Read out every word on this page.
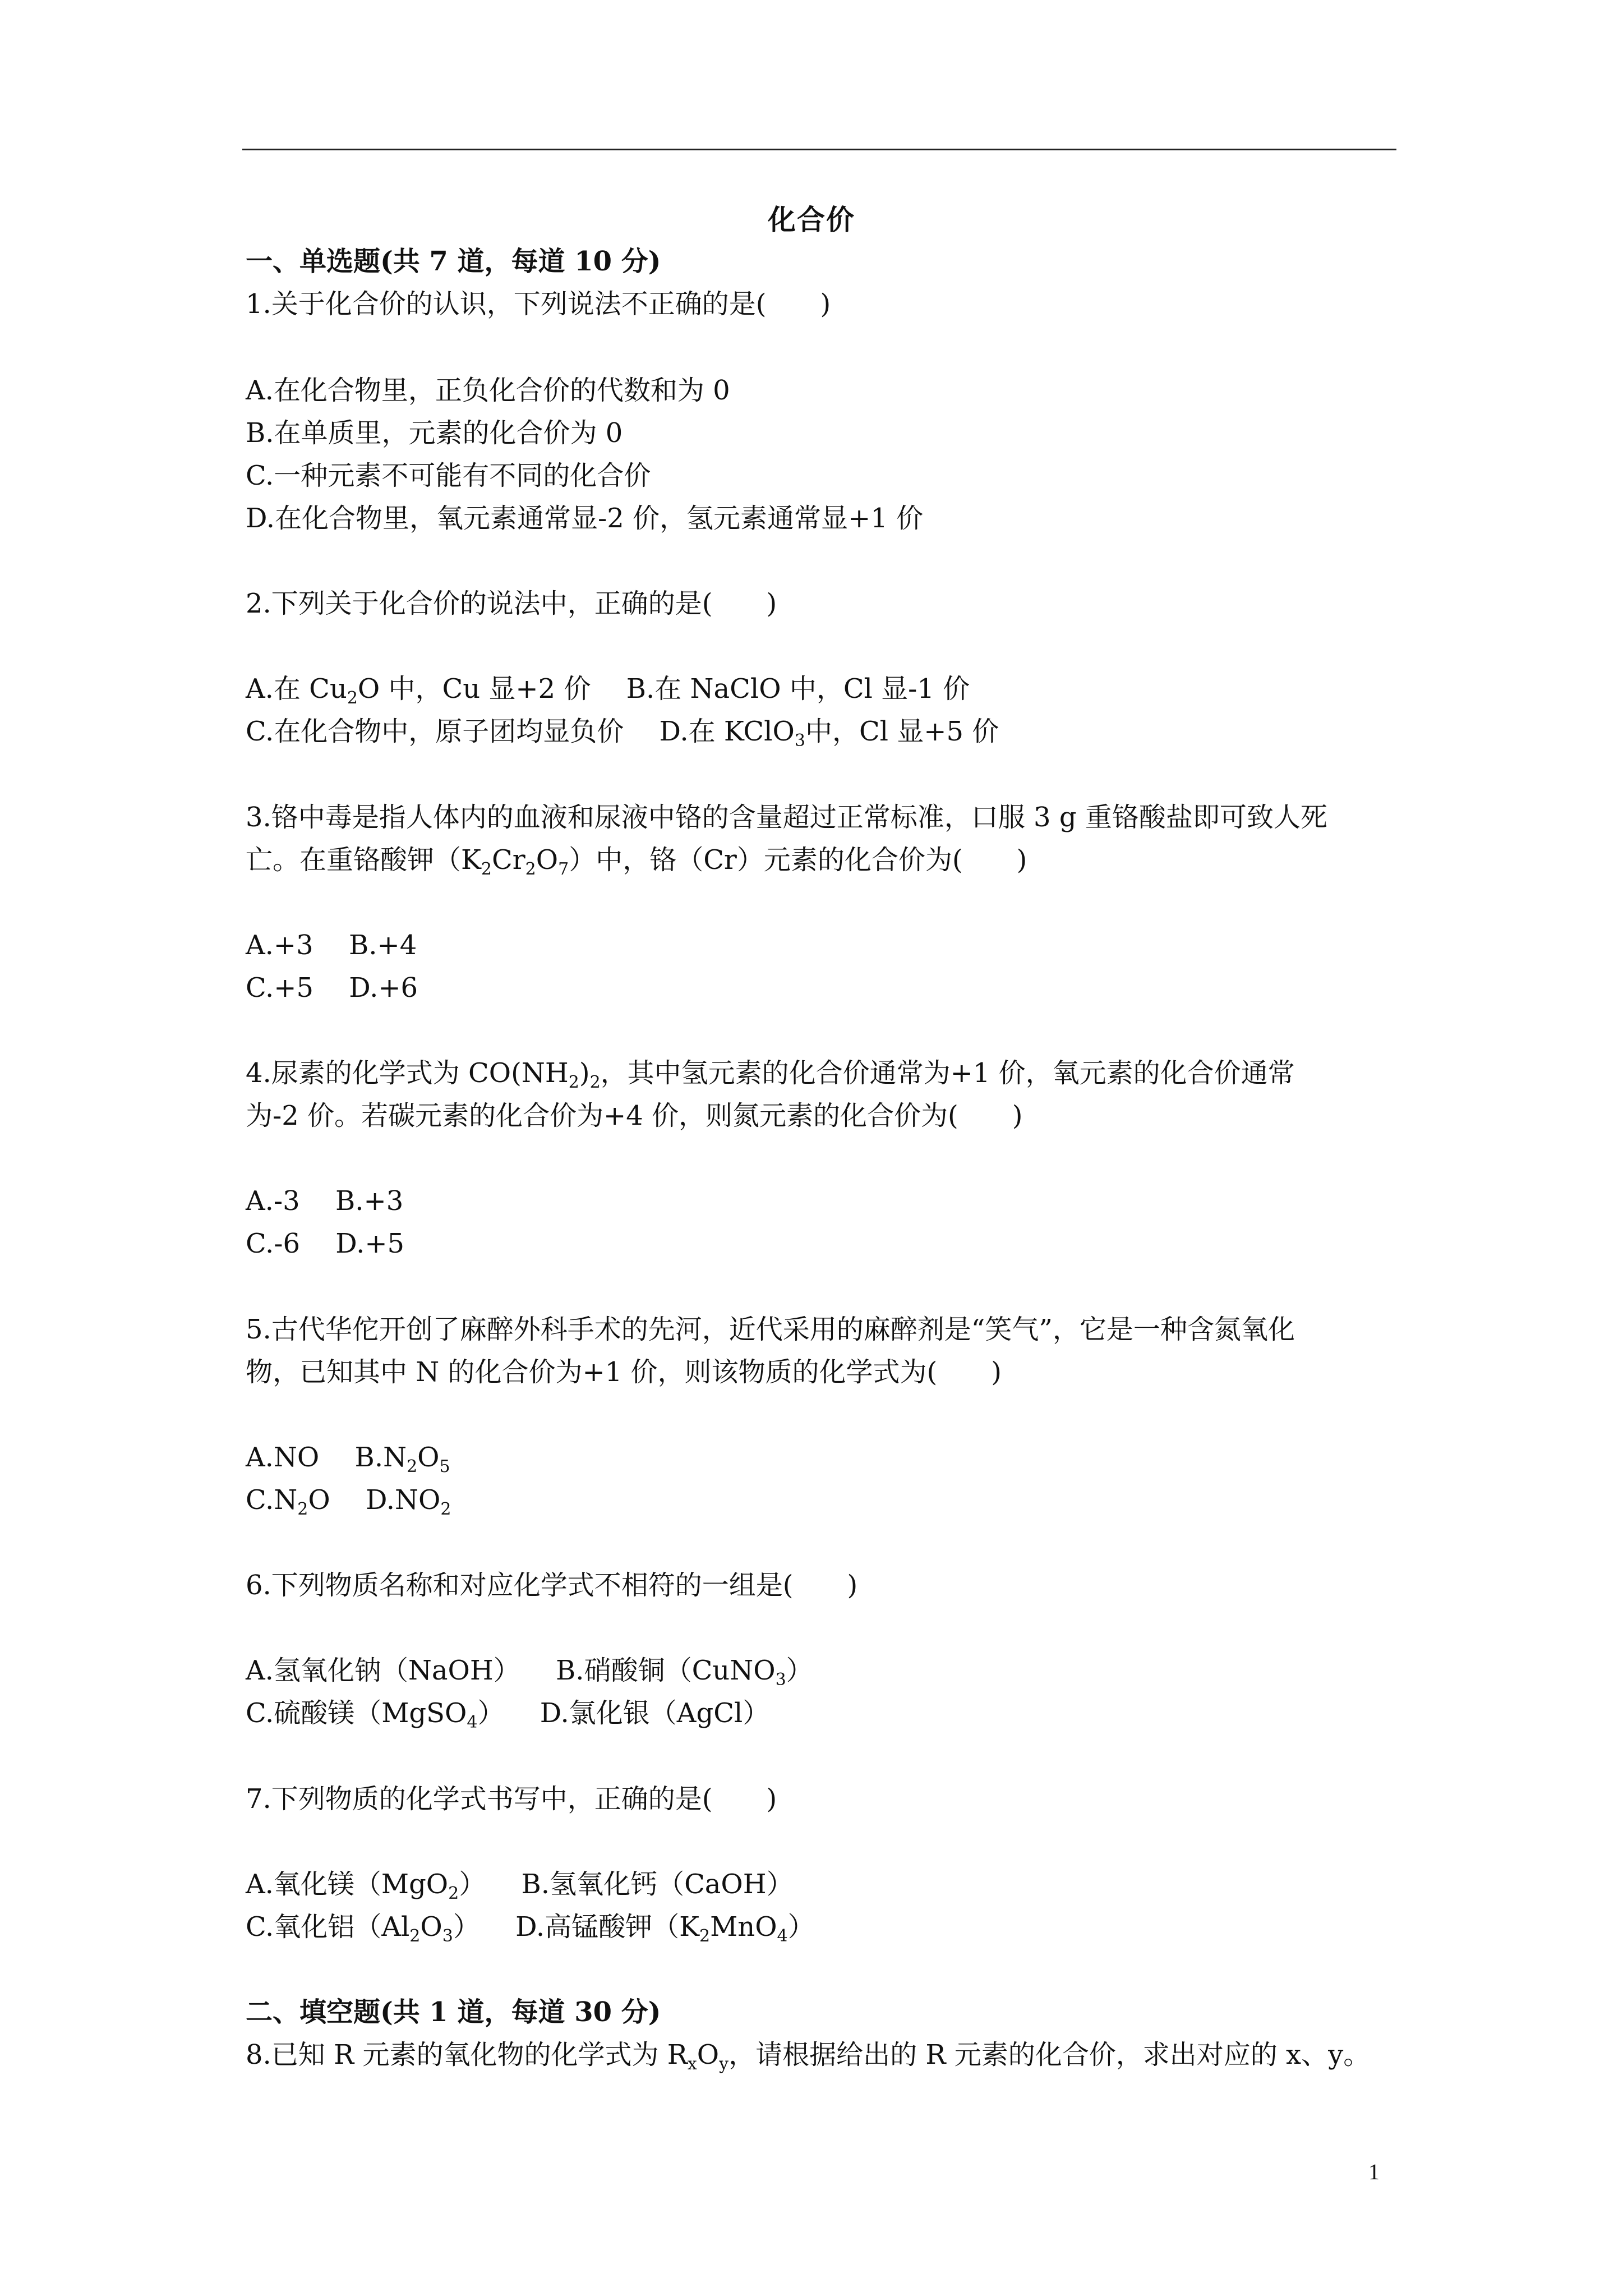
化合价
一、单选题(共 7 道，每道 10 分)
1.关于化合价的认识，下列说法不正确的是(　　)
A.在化合物里，正负化合价的代数和为 0
B.在单质里，元素的化合价为 0
C.一种元素不可能有不同的化合价
D.在化合物里，氧元素通常显-2 价，氢元素通常显+1 价
2.下列关于化合价的说法中，正确的是(　　)
A.在 $Cu_2O$ 中，Cu 显+2 价 B.在 NaClO 中，Cl 显-1 价
C.在化合物中，原子团均显负价 D.在 KClO$_3$中，Cl 显+5 价
3.铬中毒是指人体内的血液和尿液中铬的含量超过正常标准，口服 3 g 重铬酸盐即可致人死
亡。在重铬酸钾$(K_2Cr_2O_7)$中，铬（Cr）元素的化合价为(　　)
A.+3 B.+4
C.+5 D.+6
4.尿素的化学式为 $CO(NH_2)_2$，其中氢元素的化合价通常为+1 价，氧元素的化合价通常
为-2 价。若碳元素的化合价为+4 价，则氮元素的化合价为(　　)
A.-3 B.+3
C.-6 D.+5
5.古代华佗开创了麻醉外科手术的先河，近代采用的麻醉剂是“笑气”，它是一种含氮氧化
物，已知其中 N 的化合价为+1 价，则该物质的化学式为(　　)
A.NO $B.N_2O_5$
$C.N_2O$ $D.NO_2$
6.下列物质名称和对应化学式不相符的一组是(　　)
A.氢氧化钠（NaOH） B.硝酸铜（CuNO$_3$）
C.硫酸镁（MgSO$_4$） D.氯化银（AgCl）
7.下列物质的化学式书写中，正确的是(　　)
A.氧化镁（MgO$_2$） B.氢氧化钙（CaOH）
C.氧化铝$(Al_2O_3)$ D.高锰酸钾$(K_2MnO_4)$
二、填空题(共 1 道，每道 30 分)
8.已知 R 元素的氧化物的化学式为 $R_xO_y$，请根据给出的 R 元素的化合价，求出对应的 x、y。
1
